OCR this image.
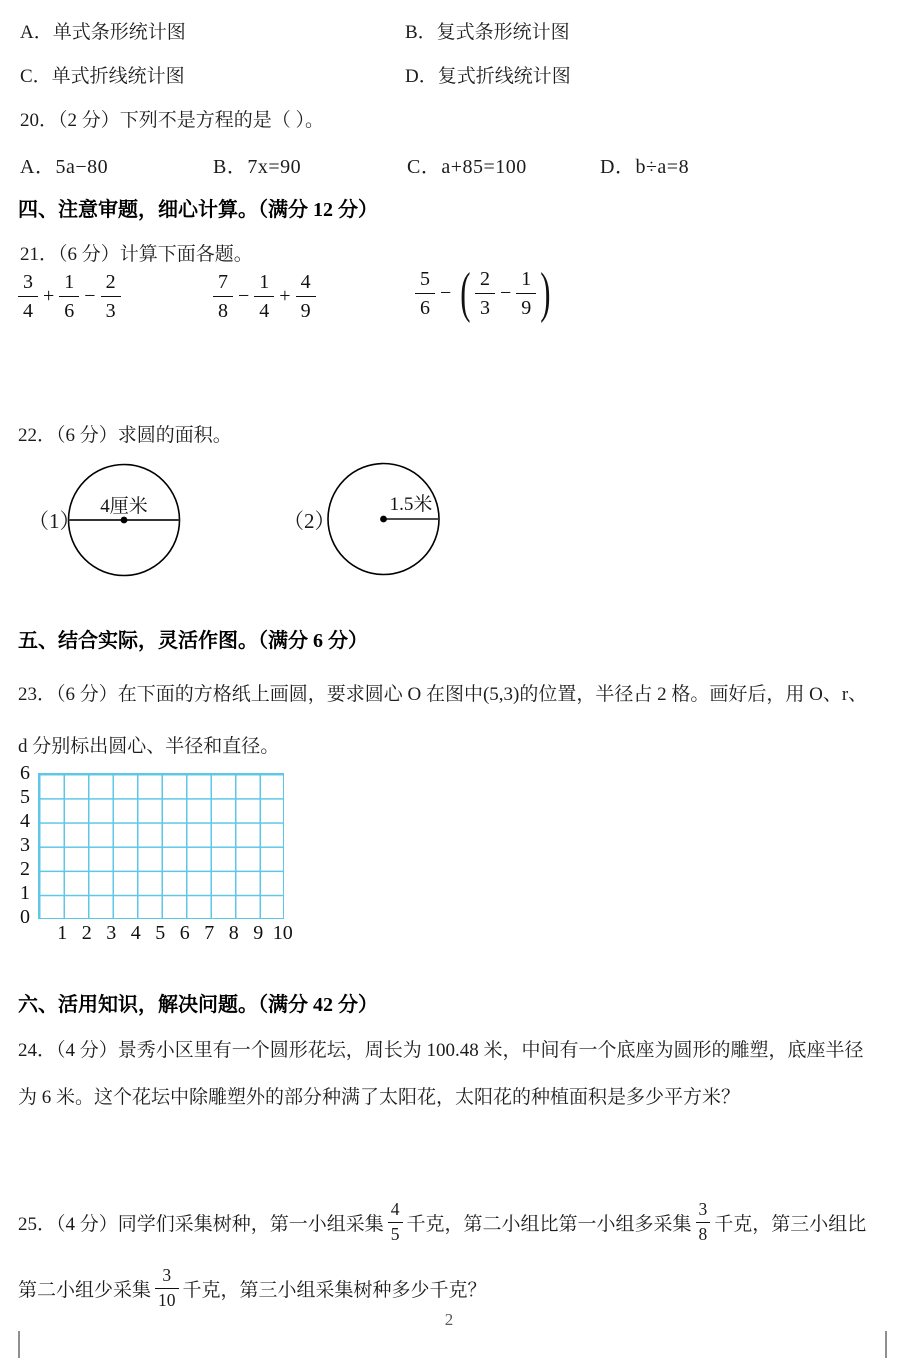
A．单式条形统计图	B．复式条形统计图
C．单式折线统计图	D．复式折线统计图
20．（2 分）下列不是方程的是（ ）。
A．5a−80	B．7x=90	C．a+85=100	D．b÷a=8
四、注意审题，细心计算。（满分 12 分）
21．（6 分）计算下面各题。
$\frac{3}{4} + \frac{1}{6} - \frac{2}{3}$	$\frac{7}{8} - \frac{1}{4} + \frac{4}{9}$	$\frac{5}{6}$ − ( $\frac{2}{3} - \frac{1}{9}$ )
22．（6 分）求圆的面积。
（1）
4厘米
（2）
1.5米
五、结合实际，灵活作图。（满分 6 分）
23．（6 分）在下面的方格纸上画圆，要求圆心 O 在图中(5,3)的位置，半径占 2 格。画好后，用 O、r、
d 分别标出圆心、半径和直径。
6
5
4
3
2
1
0
1 2 3 4 5 6 7 8 9 10
六、活用知识，解决问题。（满分 42 分）
24．（4 分）景秀小区里有一个圆形花坛，周长为 100.48 米，中间有一个底座为圆形的雕塑，底座半径
为 6 米。这个花坛中除雕塑外的部分种满了太阳花，太阳花的种植面积是多少平方米？
25．（4 分）同学们采集树种，第一小组采集 $\frac{4}{5}$ 千克，第二小组比第一小组多采集 $\frac{3}{8}$ 千克，第三小组比
第二小组少采集 $\frac{3}{10}$ 千克，第三小组采集树种多少千克？
2
